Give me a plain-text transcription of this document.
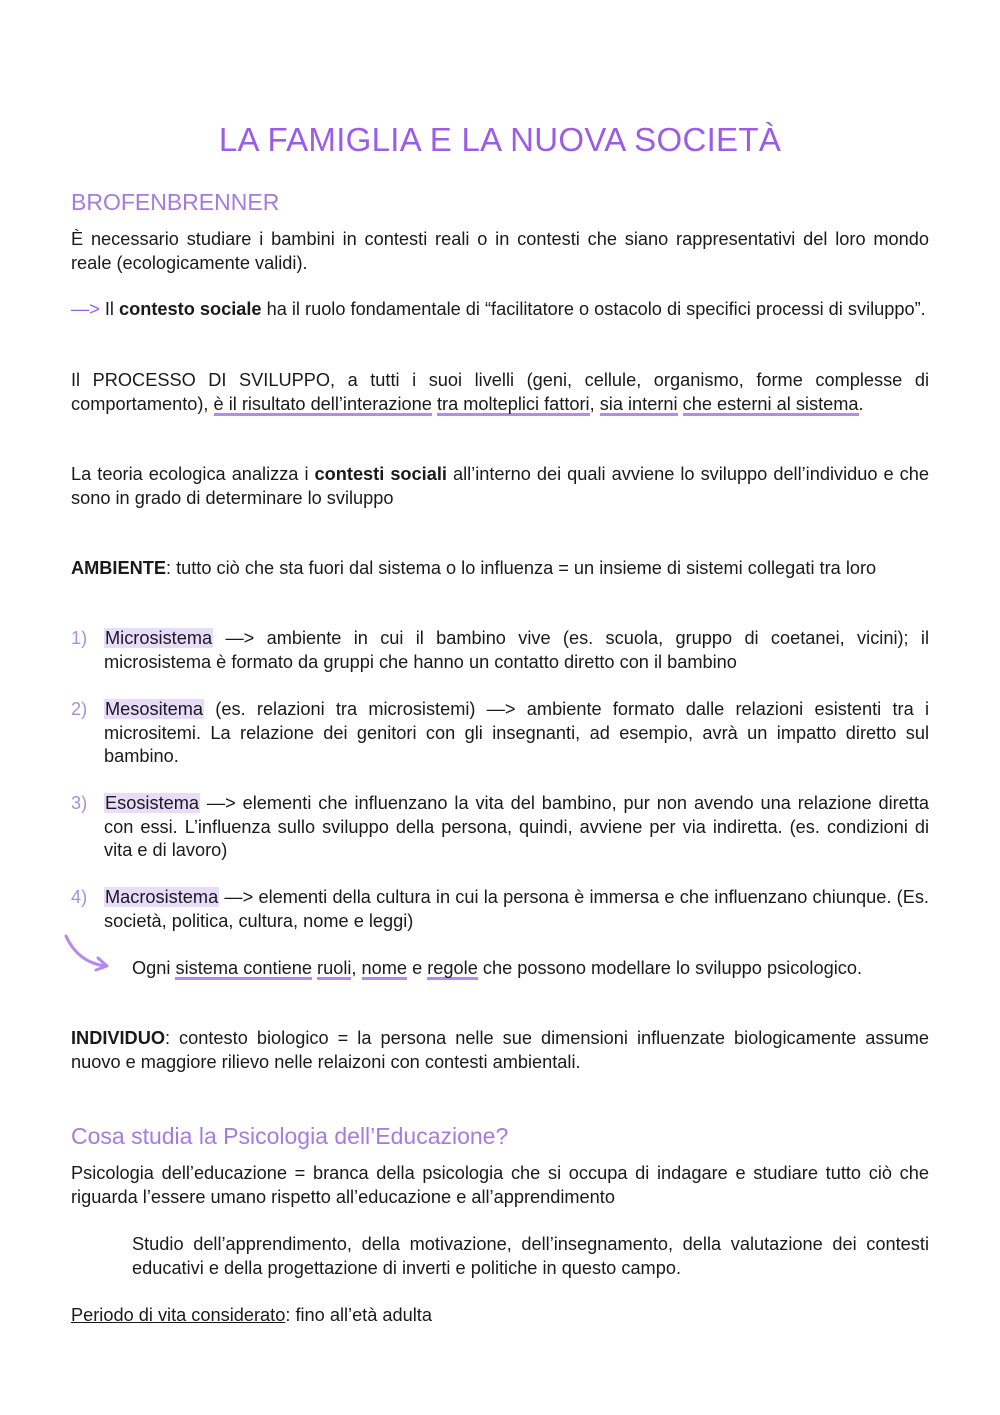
LA FAMIGLIA E LA NUOVA SOCIETÀ
BROFENBRENNER
È necessario studiare i bambini in contesti reali o in contesti che siano rappresentativi del loro mondo reale (ecologicamente validi).
—> Il contesto sociale ha il ruolo fondamentale di “facilitatore o ostacolo di specifici processi di sviluppo”.
Il PROCESSO DI SVILUPPO, a tutti i suoi livelli (geni, cellule, organismo, forme complesse di comportamento), è il risultato dell’interazione tra molteplici fattori, sia interni che esterni al sistema.
La teoria ecologica analizza i contesti sociali all’interno dei quali avviene lo sviluppo dell’individuo e che sono in grado di determinare lo sviluppo
AMBIENTE: tutto ciò che sta fuori dal sistema o lo influenza = un insieme di sistemi collegati tra loro
1) Microsistema —> ambiente in cui il bambino vive (es. scuola, gruppo di coetanei, vicini); il microsistema è formato da gruppi che hanno un contatto diretto con il bambino
2) Mesositema (es. relazioni tra microsistemi) —> ambiente formato dalle relazioni esistenti tra i micrositemi. La relazione dei genitori con gli insegnanti, ad esempio, avrà un impatto diretto sul bambino.
3) Esosistema —> elementi che influenzano la vita del bambino, pur non avendo una relazione diretta con essi. L’influenza sullo sviluppo della persona, quindi, avviene per via indiretta. (es. condizioni di vita e di lavoro)
4) Macrosistema —> elementi della cultura in cui la persona è immersa e che influenzano chiunque. (Es. società, politica, cultura, nome e leggi)
Ogni sistema contiene ruoli, nome e regole che possono modellare lo sviluppo psicologico.
INDIVIDUO: contesto biologico = la persona nelle sue dimensioni influenzate biologicamente assume nuovo e maggiore rilievo nelle relaizoni con contesti ambientali.
Cosa studia la Psicologia dell’Educazione?
Psicologia dell’educazione = branca della psicologia che si occupa di indagare e studiare tutto ciò che riguarda l’essere umano rispetto all’educazione e all’apprendimento
Studio dell’apprendimento, della motivazione, dell’insegnamento, della valutazione dei contesti educativi e della progettazione di inverti e politiche in questo campo.
Periodo di vita considerato: fino all’età adulta
